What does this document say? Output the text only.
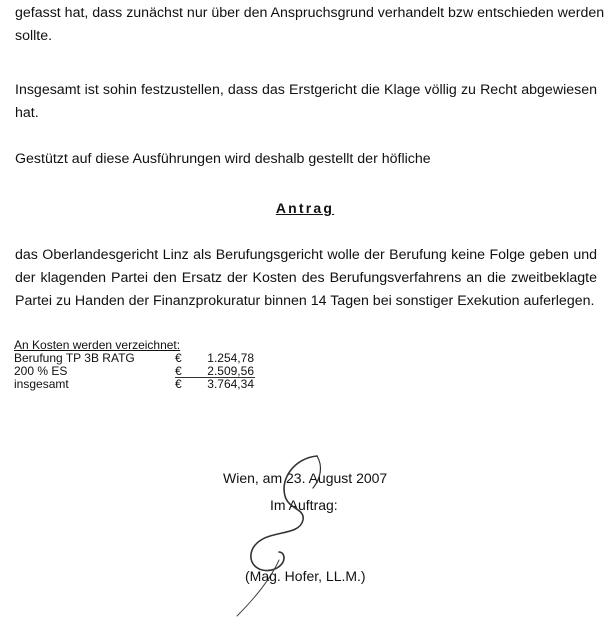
gefasst hat, dass zunächst nur über den Anspruchsgrund verhandelt bzw entschieden werden
sollte.
Insgesamt ist sohin festzustellen, dass das Erstgericht die Klage völlig zu Recht abgewiesen
hat.
Gestützt auf diese Ausführungen wird deshalb gestellt der höfliche
Antrag
das Oberlandesgericht Linz als Berufungsgericht wolle der Berufung keine Folge geben und
der klagenden Partei den Ersatz der Kosten des Berufungsverfahrens an die zweitbeklagte
Partei zu Handen der Finanzprokuratur binnen 14 Tagen bei sonstiger Exekution auferlegen.
An Kosten werden verzeichnet:
Berufung TP 3B RATG	€ 1.254,78
200 % ES	€ 2.509,56
insgesamt	€ 3.764,34
Wien, am 23. August 2007
Im Auftrag:
(Mag. Hofer, LL.M.)
